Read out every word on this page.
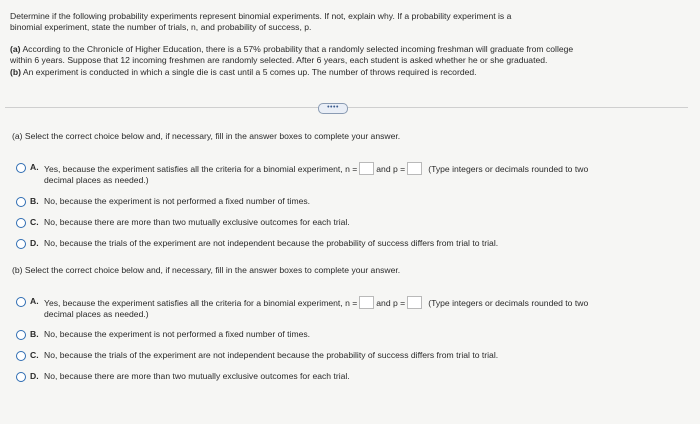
Determine if the following probability experiments represent binomial experiments. If not, explain why. If a probability experiment is a

binomial experiment, state the number of trials, n, and probability of success, p.

(a) According to the Chronicle of Higher Education, there is a 57% probability that a randomly selected incoming freshman will graduate from college

within 6 years. Suppose that 12 incoming freshmen are randomly selected. After 6 years, each student is asked whether he or she graduated.

(b) An experiment is conducted in which a single die is cast until a 5 comes up. The number of throws required is recorded.

••••
(a) Select the correct choice below and, if necessary, fill in the answer boxes to complete your answer.
A. Yes, because the experiment satisfies all the criteria for a binomial experiment, n = and p =	(Type integers or decimals rounded to two
decimal places as needed.)
B. No, because the experiment is not performed a fixed number of times.
C. No, because there are more than two mutually exclusive outcomes for each trial.
D. No, because the trials of the experiment are not independent because the probability of success differs from trial to trial.
(b) Select the correct choice below and, if necessary, fill in the answer boxes to complete your answer.
A. Yes, because the experiment satisfies all the criteria for a binomial experiment, n = and p =	(Type integers or decimals rounded to two
decimal places as needed.)
B. No, because the experiment is not performed a fixed number of times.
C. No, because the trials of the experiment are not independent because the probability of success differs from trial to trial.
D. No, because there are more than two mutually exclusive outcomes for each trial.
